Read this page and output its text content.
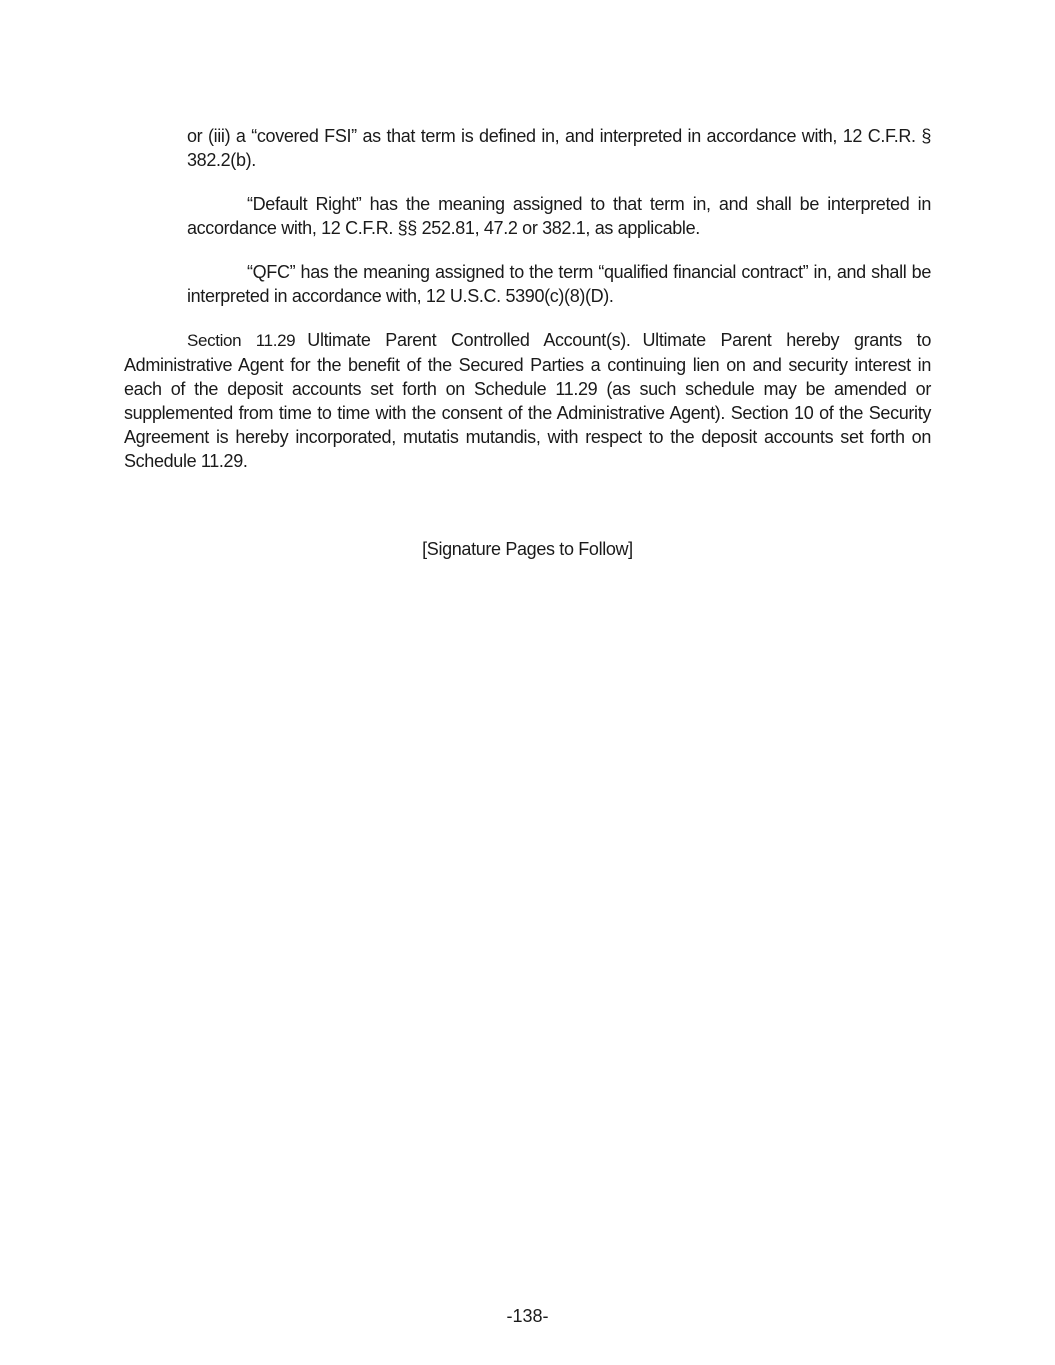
or (iii) a “covered FSI” as that term is defined in, and interpreted in accordance with, 12 C.F.R. § 382.2(b).

“Default Right” has the meaning assigned to that term in, and shall be interpreted in accordance with, 12 C.F.R. §§ 252.81, 47.2 or 382.1, as applicable.

“QFC” has the meaning assigned to the term “qualified financial contract” in, and shall be interpreted in accordance with, 12 U.S.C. 5390(c)(8)(D).

Section 11.29 Ultimate Parent Controlled Account(s). Ultimate Parent hereby grants to Administrative Agent for the benefit of the Secured Parties a continuing lien on and security interest in each of the deposit accounts set forth on Schedule 11.29 (as such schedule may be amended or supplemented from time to time with the consent of the Administrative Agent). Section 10 of the Security Agreement is hereby incorporated, mutatis mutandis, with respect to the deposit accounts set forth on Schedule 11.29.

[Signature Pages to Follow]
-138-
